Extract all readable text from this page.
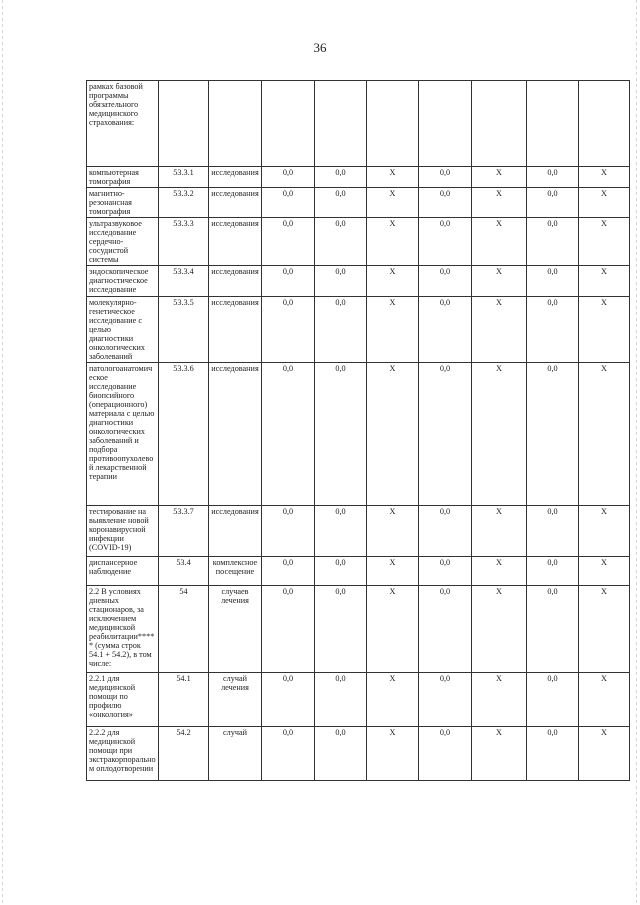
36
рамках базовой программы обязательного медицинского страхования:									
компьютерная томография	53.3.1	исследования	0,0	0,0	X	0,0	X	0,0	X
магнитно-резонансная томография	53.3.2	исследования	0,0	0,0	X	0,0	X	0,0	X
ультразвуковое исследование сердечно-сосудистой системы	53.3.3	исследования	0,0	0,0	X	0,0	X	0,0	X
эндоскопическое диагностическое исследование	53.3.4	исследования	0,0	0,0	X	0,0	X	0,0	X
молекулярно-генетическое исследование с целью диагностики онкологических заболеваний	53.3.5	исследования	0,0	0,0	X	0,0	X	0,0	X
патологоанатомическое исследование биопсийного (операционного) материала с целью диагностики онкологических заболеваний и подбора противоопухолевой лекарственной терапии	53.3.6	исследования	0,0	0,0	X	0,0	X	0,0	X
тестирование на выявление новой коронавирусной инфекции (COVID-19)	53.3.7	исследования	0,0	0,0	X	0,0	X	0,0	X
диспансерное наблюдение	53.4	комплексное посещение	0,0	0,0	X	0,0	X	0,0	X
2.2 В условиях дневных стационаров, за исключением медицинской реабилитации***** (сумма строк 54.1 + 54.2), в том числе:	54	случаев лечения	0,0	0,0	X	0,0	X	0,0	X
2.2.1 для медицинской помощи по профилю «онкология»	54.1	случай лечения	0,0	0,0	X	0,0	X	0,0	X
2.2.2 для медицинской помощи при экстракорпоральном оплодотворении	54.2	случай	0,0	0,0	X	0,0	X	0,0	X
